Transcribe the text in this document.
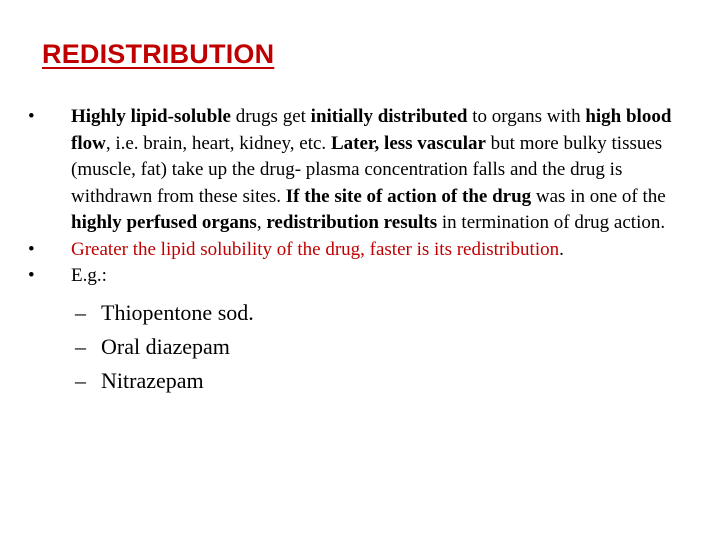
REDISTRIBUTION
•	Highly lipid-soluble drugs get initially distributed to organs with high blood flow, i.e. brain, heart, kidney, etc. Later, less vascular but more bulky tissues (muscle, fat) take up the drug- plasma concentration falls and the drug is withdrawn from these sites. If the site of action of the drug was in one of the highly perfused organs, redistribution results in termination of drug action.
•	Greater the lipid solubility of the drug, faster is its redistribution.
•	E.g.:
– Thiopentone sod.
– Oral diazepam
– Nitrazepam
